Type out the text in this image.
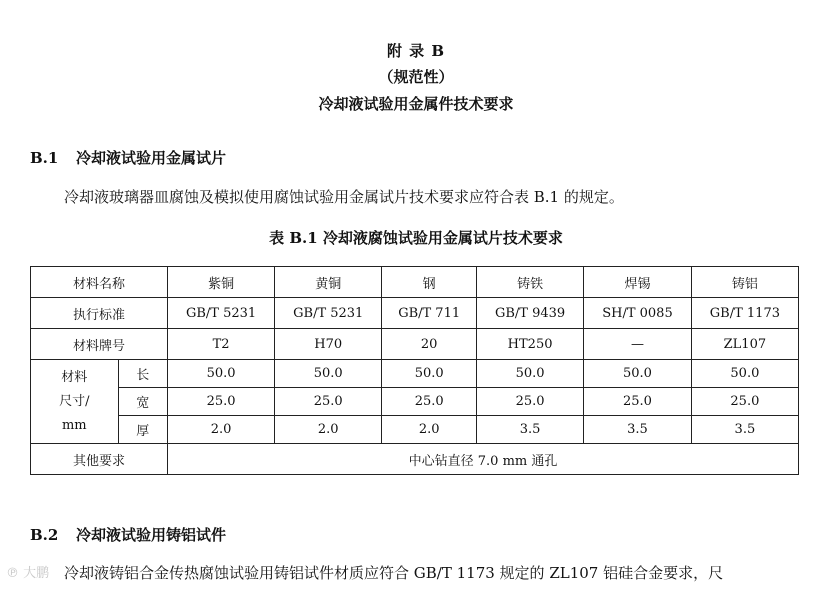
附 录 B
（规范性）
冷却液试验用金属件技术要求
B.1 冷却液试验用金属试片
冷却液玻璃器皿腐蚀及模拟使用腐蚀试验用金属试片技术要求应符合表 B.1 的规定。
表 B.1 冷却液腐蚀试验用金属试片技术要求
材料名称		紫铜	黄铜	钢	铸铁	焊锡	铸铝
执行标准		GB/T 5231	GB/T 5231	GB/T 711	GB/T 9439	SH/T 0085	GB/T 1173
材料牌号		T2	H70	20	HT250	—	ZL107

材料
尺寸/
mm	长	50.0	50.0	50.0	50.0	50.0	50.0
	宽	25.0	25.0	25.0	25.0	25.0	25.0
	厚	2.0	2.0	2.0	3.5	3.5	3.5
其他要求		中心钻直径 7.0 mm 通孔					
B.2 冷却液试验用铸铝试件
冷却液铸铝合金传热腐蚀试验用铸铝试件材质应符合 GB/T 1173 规定的 ZL107 铝硅合金要求，尺
℗ 大鹏
